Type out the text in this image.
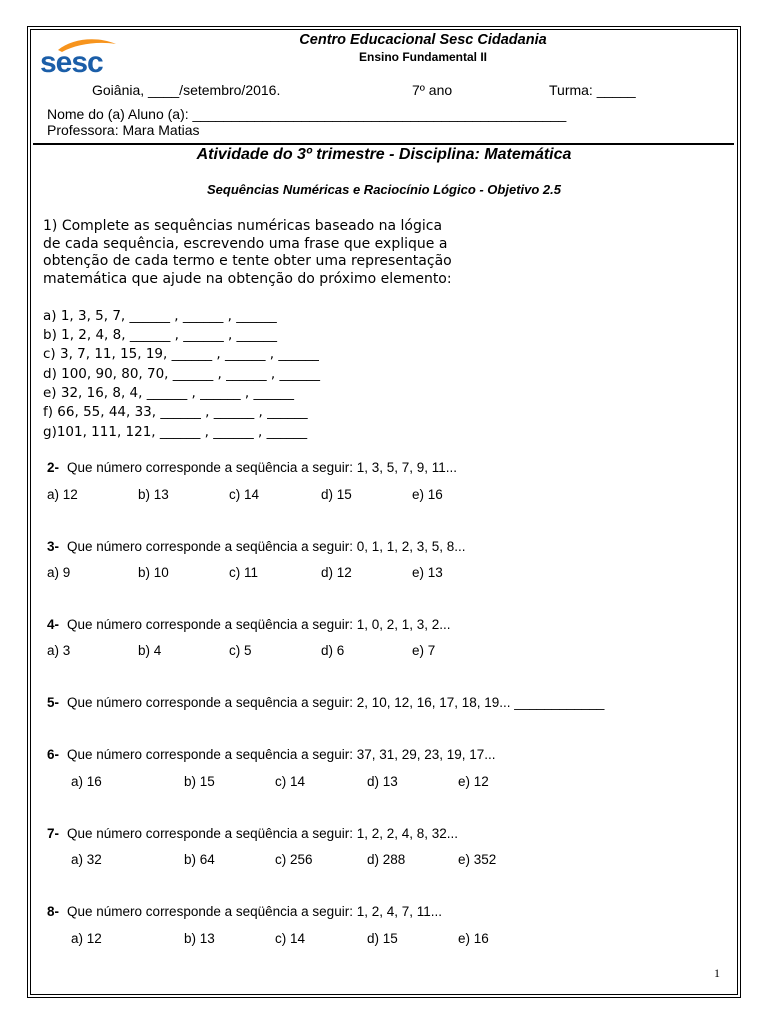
sesc
Centro Educacional Sesc Cidadania
Ensino Fundamental II
Goiânia, ____/setembro/2016.	7º ano	Turma: _____
Nome do (a) Aluno (a): ________________________________________________
Professora: Mara Matias
Atividade do 3º trimestre - Disciplina: Matemática
Sequências Numéricas e Raciocínio Lógico - Objetivo 2.5
1) Complete as sequências numéricas baseado na lógica de cada sequência, escrevendo uma frase que explique a obtenção de cada termo e tente obter uma representação matemática que ajude na obtenção do próximo elemento:
a) 1, 3, 5, 7, ______ , ______ , ______
b) 1, 2, 4, 8, ______ , ______ , ______
c) 3, 7, 11, 15, 19, ______ , ______ , ______
d) 100, 90, 80, 70, ______ , ______ , ______
e) 32, 16, 8, 4, ______ , ______ , ______
f) 66, 55, 44, 33, ______ , ______ , ______
g)101, 111, 121, ______ , ______ , ______
2- Que número corresponde a seqüência a seguir: 1, 3, 5, 7, 9, 11...
a) 12	b) 13	c) 14	d) 15	e) 16
3- Que número corresponde a seqüência a seguir: 0, 1, 1, 2, 3, 5, 8...
a) 9	b) 10	c) 11	d) 12	e) 13
4- Que número corresponde a seqüência a seguir: 1, 0, 2, 1, 3, 2...
a) 3	b) 4	c) 5	d) 6	e) 7
5- Que número corresponde a sequência a seguir: 2, 10, 12, 16, 17, 18, 19... ____________
6- Que número corresponde a sequência a seguir: 37, 31, 29, 23, 19, 17...
a) 16	b) 15	c) 14	d) 13	e) 12
7- Que número corresponde a seqüência a seguir: 1, 2, 2, 4, 8, 32...
a) 32	b) 64	c) 256	d) 288	e) 352
8- Que número corresponde a seqüência a seguir: 1, 2, 4, 7, 11...
a) 12	b) 13	c) 14	d) 15	e) 16
1
